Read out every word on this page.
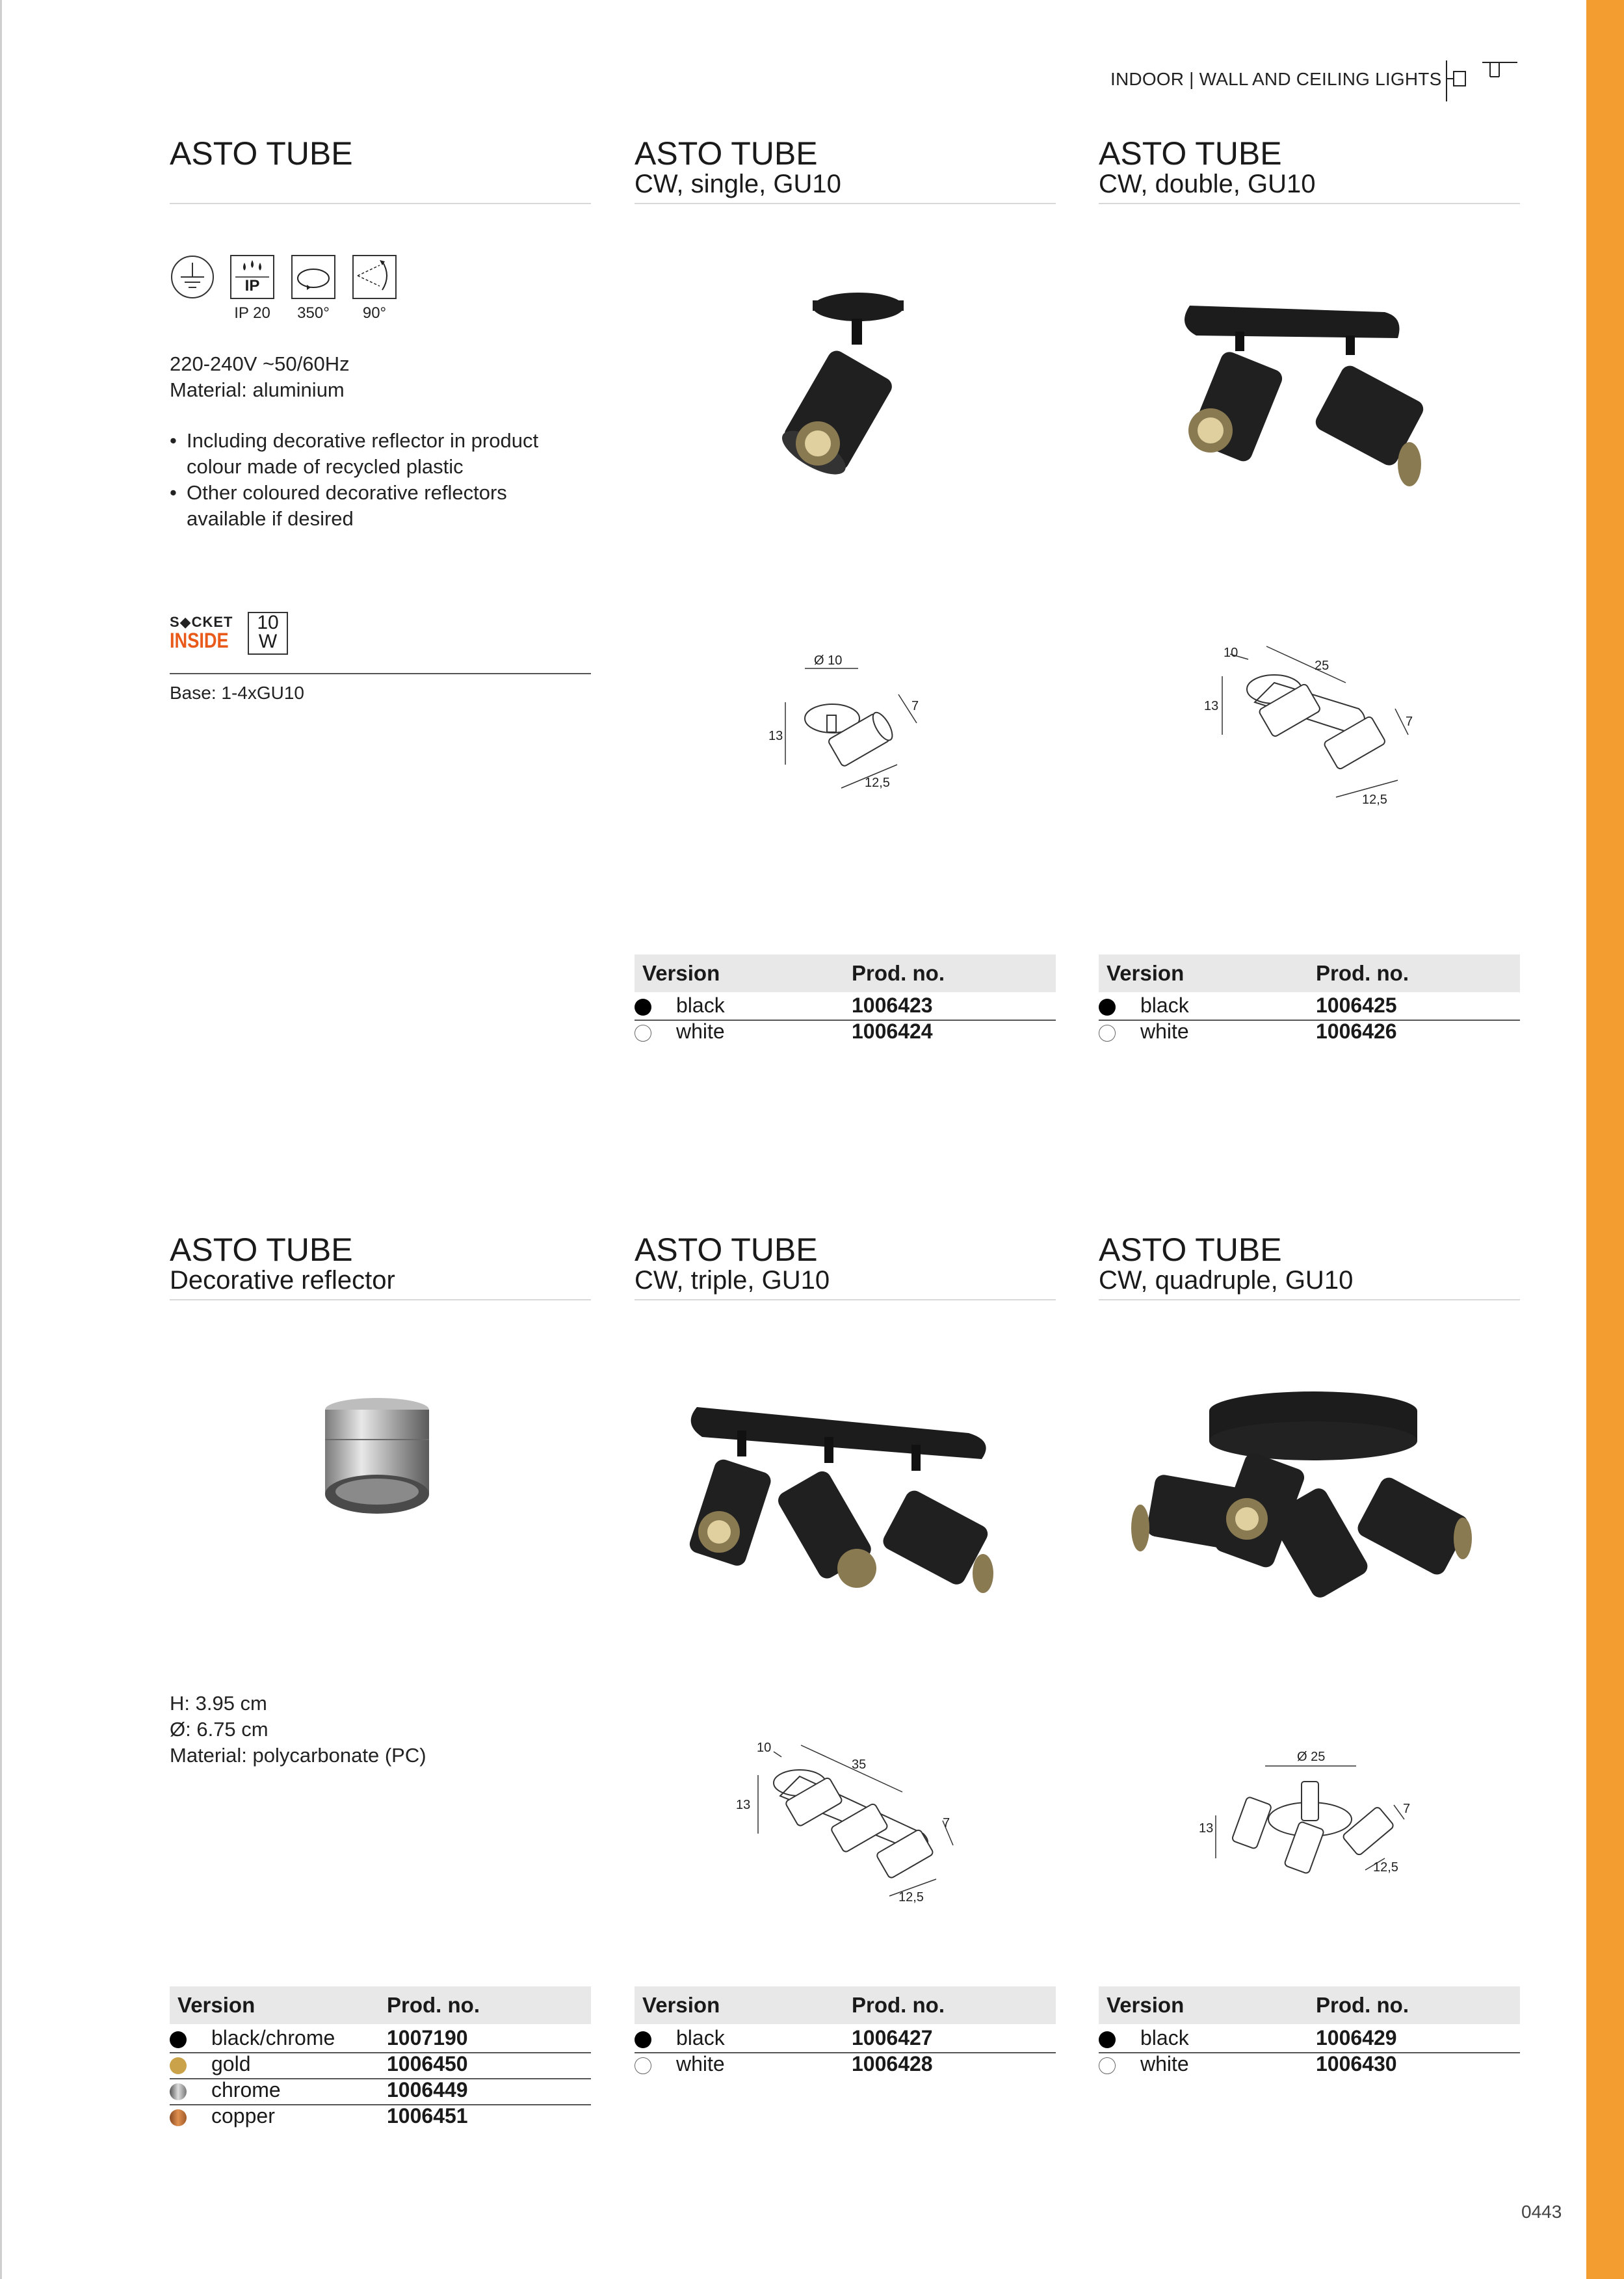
INDOOR | WALL AND CEILING LIGHTS
ASTO TUBE
IP
IP 20	350°	90°
220-240V ~50/60Hz
Material: aluminium
• Including decorative reflector in product
colour made of recycled plastic
• Other coloured decorative reflectors
available if desired
S◆CKET
INSIDE
10
W
Base: 1-4xGU10
ASTO TUBE
CW, single, GU10
Ø 10
13
7
12,5
Version	Prod. no.
black	1006423
white	1006424
ASTO TUBE
CW, double, GU10
10
25
13
7
12,5
Version	Prod. no.
black	1006425
white	1006426
ASTO TUBE
Decorative reflector
H: 3.95 cm
Ø: 6.75 cm
Material: polycarbonate (PC)
Version	Prod. no.
black/chrome 1007190
gold	1006450
chrome	1006449
copper	1006451
ASTO TUBE
CW, triple, GU10
10
35
13
7
12,5
Version	Prod. no.
black	1006427
white	1006428
ASTO TUBE
CW, quadruple, GU10
Ø 25
13
7
12,5
Version	Prod. no.
black	1006429
white	1006430
0443
